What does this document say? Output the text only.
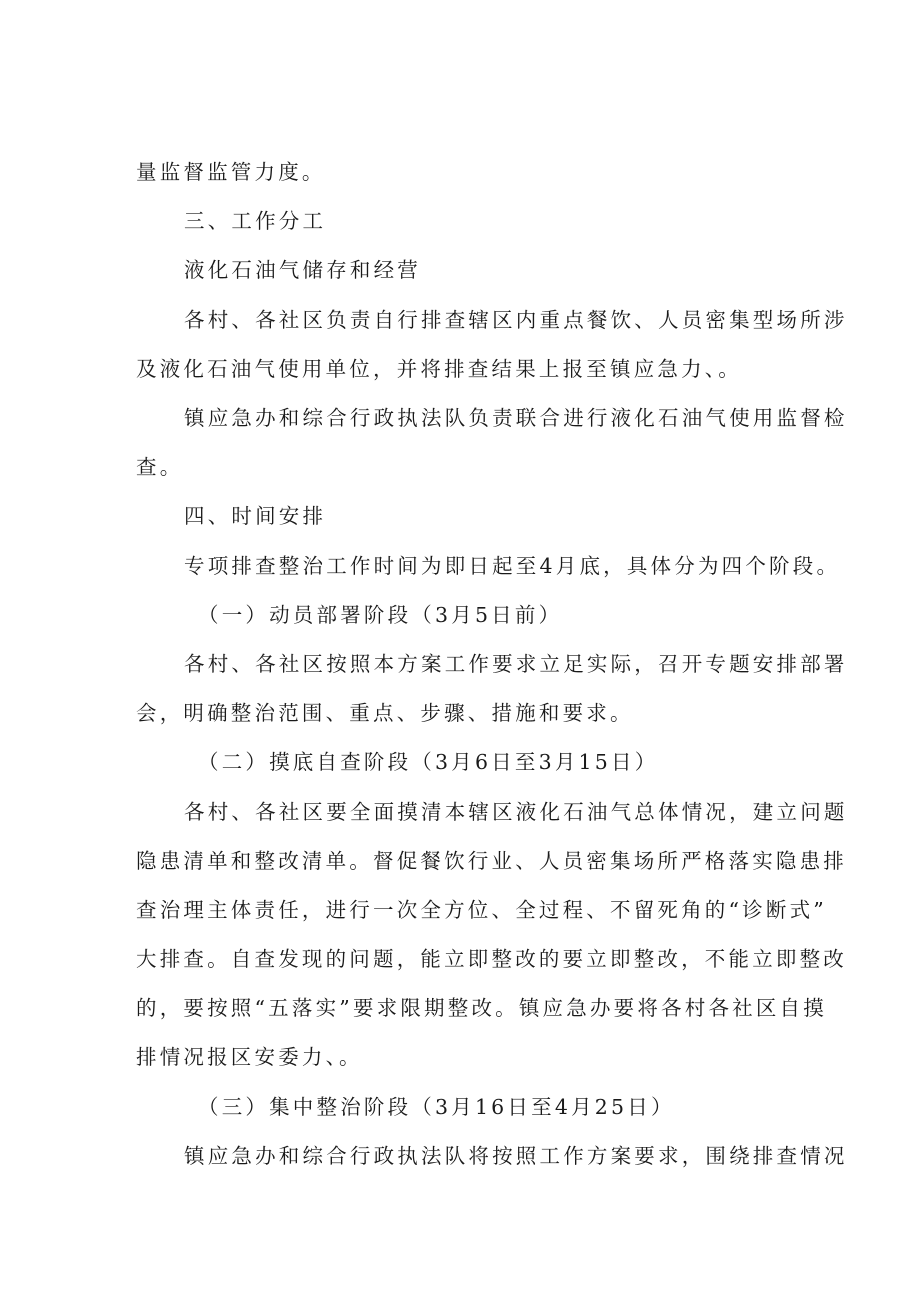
量监督监管力度。
三、工作分工
液化石油气储存和经营
各村、各社区负责自行排查辖区内重点餐饮、人员密集型场所涉
及液化石油气使用单位，并将排查结果上报至镇应急力、。
镇应急办和综合行政执法队负责联合进行液化石油气使用监督检
查。
四、时间安排
专项排查整治工作时间为即日起至4月底，具体分为四个阶段。
（一）动员部署阶段（3月5日前）
各村、各社区按照本方案工作要求立足实际，召开专题安排部署
会，明确整治范围、重点、步骤、措施和要求。
（二）摸底自查阶段（3月6日至3月15日）
各村、各社区要全面摸清本辖区液化石油气总体情况，建立问题
隐患清单和整改清单。督促餐饮行业、人员密集场所严格落实隐患排
查治理主体责任，进行一次全方位、全过程、不留死角的“诊断式”
大排查。自查发现的问题，能立即整改的要立即整改，不能立即整改
的，要按照“五落实”要求限期整改。镇应急办要将各村各社区自摸
排情况报区安委力、。
（三）集中整治阶段（3月16日至4月25日）
镇应急办和综合行政执法队将按照工作方案要求，围绕排查情况
